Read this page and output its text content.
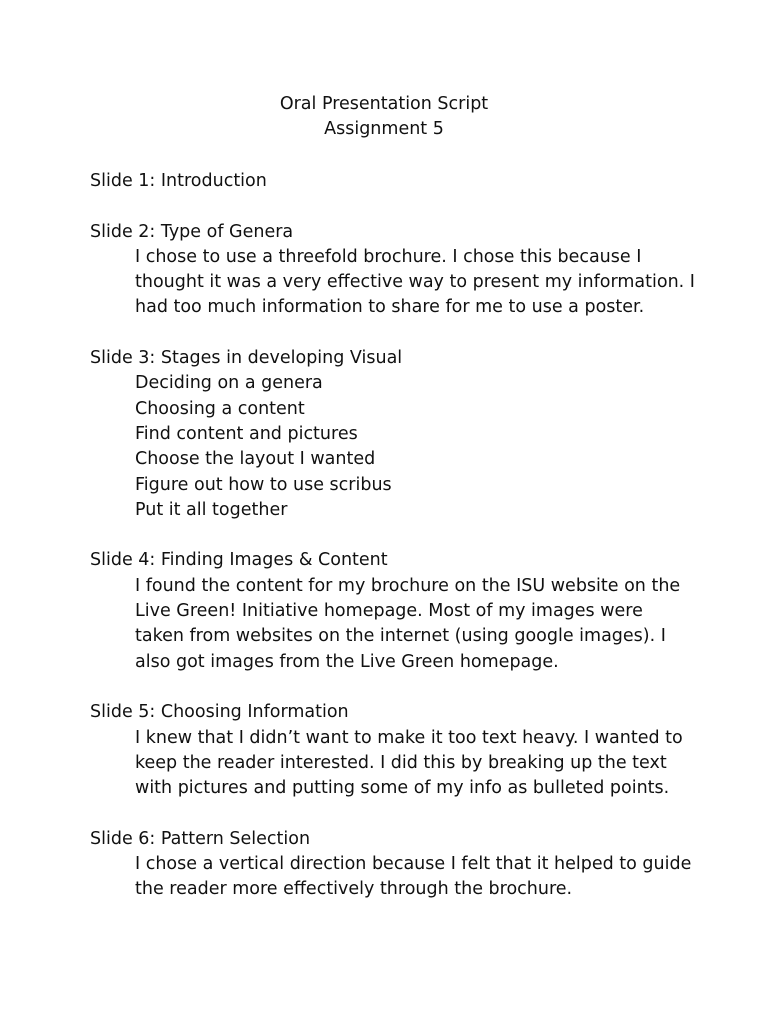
Oral Presentation Script
Assignment 5
Slide 1: Introduction
Slide 2: Type of Genera

I chose to use a threefold brochure. I chose this because I thought it was a very effective way to present my information. I had too much information to share for me to use a poster.

Slide 3: Stages in developing Visual
Deciding on a genera
Choosing a content
Find content and pictures
Choose the layout I wanted
Figure out how to use scribus
Put it all together
Slide 4: Finding Images & Content

I found the content for my brochure on the ISU website on the Live Green! Initiative homepage. Most of my images were taken from websites on the internet (using google images). I also got images from the Live Green homepage.

Slide 5: Choosing Information

I knew that I didn’t want to make it too text heavy. I wanted to keep the reader interested. I did this by breaking up the text with pictures and putting some of my info as bulleted points.

Slide 6: Pattern Selection

I chose a vertical direction because I felt that it helped to guide the reader more effectively through the brochure.
